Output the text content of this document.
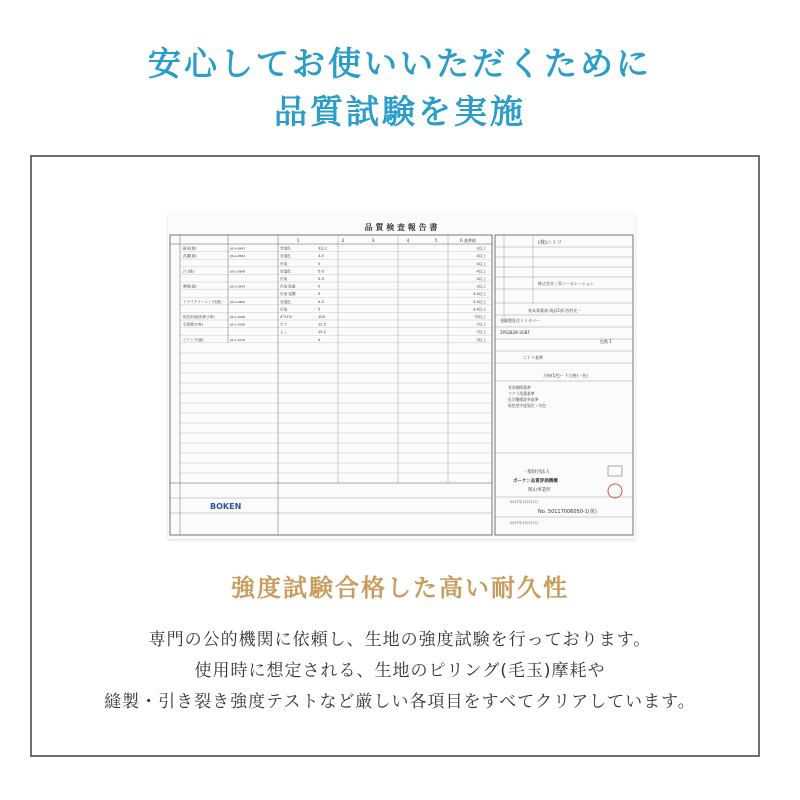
安心してお使いいただくために
品質試験を実施
品 質 検 査 報 告 書
1	2	3	4	5	6 基準値
耐光(級)	JIS-L-0842	変退色	3以上	3以上
洗濯(級)	JIS-L-0844	変退色	4-5	4以上
汚染	5	4以上
汗 (級)	JIS-L-0848	変退色	5-5	4以上
汚染	5-5	4以上
摩擦(級)	JIS-L-0849	汚染 乾燥	5	3以上
汚染 湿潤	5	3-4以上
ドライクリーニング(級)	JIS-L-0860	変退色	4-5	3-4以上
汚染	5	3-4以上
抵抗率(地糸伸び率)	JIS-L-1096	4°51%	100	70以上
引裂強さ(N)	JIS-L-1096	たて	12.5	7以上
よこ	15.2	7以上
ピリング(級)	JIS-L-1076	4	3以上
BOKEN
(株)ニトリ
株式会社三栄コーポレーション
家具事業部 商品2部 西村光一
金属製乳付ドミカバー
2PS2828-3GBT
色数 1
ニトリ基準
合格(1色)・不合格(一色)
有効期間基準
マクラ洗濯基準
化学繊維混率基準
染色堅牢度規定・衣色
一般財団法人
ボーケン品質評価機構
関山事業所
No. 50117006050-1(黄)
2017年12月27日
2017年12月27日
強度試験合格した高い耐久性

専門の公的機関に依頼し、生地の強度試験を行っております。

使用時に想定される、生地のピリング(毛玉)摩耗や

縫製・引き裂き強度テストなど厳しい各項目をすべてクリアしています。
